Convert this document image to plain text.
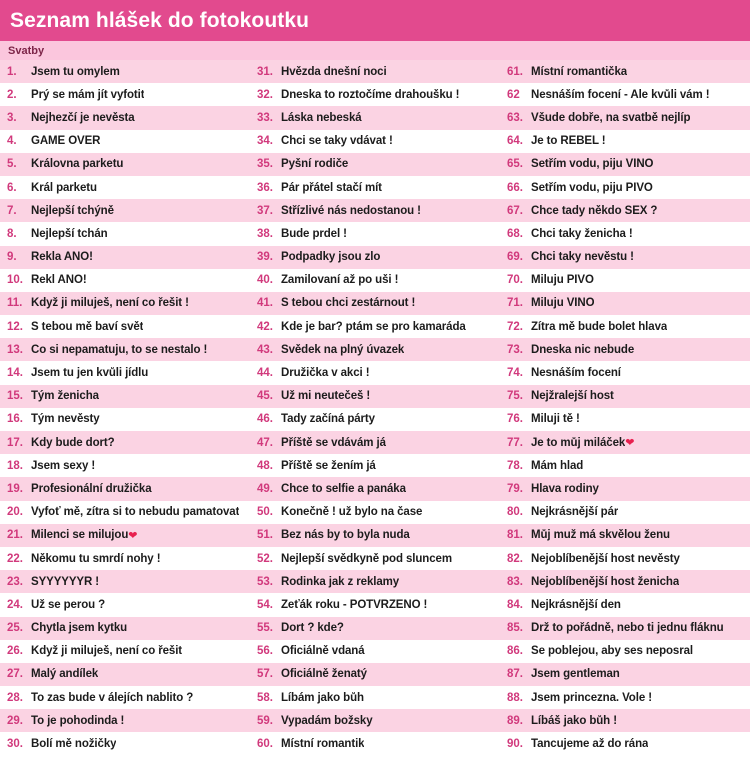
Seznam hlášek do fotokoutku
Svatby
1.	Jsem tu omylem
2.	Prý se mám jít vyfotit
3.	Nejhezčí je nevěsta
4.	GAME OVER
5.	Královna parketu
6.	Král parketu
7.	Nejlepší tchýně
8.	Nejlepší tchán
9.	Řekla ANO!
10. Řekl ANO!
11. Když ji miluješ, není co řešit !
12. S tebou mě baví svět
13. Co si nepamatuju, to se nestalo !
14. Jsem tu jen kvůli jídlu
15. Tým ženicha
16. Tým nevěsty
17. Kdy bude dort?
18. Jsem sexy !
19. Profesionální družička
20. Vyfoť mě, zítra si to nebudu pamatovat
21. Milenci se milujou ❤
22. Někomu tu smrdí nohy !
23. SÝÝÝÝÝÝR !
24. Už se perou ?
25. Chytla jsem kytku
26. Když ji miluješ, není co řešit
27. Malý andílek
28. To zas bude v álejích nablito ?
29. To je pohodinda !
30. Bolí mě nožičky
31. Hvězda dnešní noci
32. Dneska to roztočíme drahoušku !
33. Láska nebeská
34. Chci se taky vdávat !
35. Pyšní rodiče
36. Pár přátel stačí mít
37. Střízlivé nás nedostanou !
38. Bude prdel !
39. Podpadky jsou zlo
40. Zamilovaní až po uši !
41. S tebou chci zestárnout !
42. Kde je bar? ptám se pro kamaráda
43. Svědek na plný úvazek
44. Družička v akci !
45. Už mi neutečeš !
46. Tady začíná párty
47. Příště se vdávám já
48. Příště se žením já
49. Chce to selfie a panáka
50. Konečně ! už bylo na čase
51. Bez nás by to byla nuda
52. Nejlepší svědkyně pod sluncem
53. Rodinka jak z reklamy
54. Zeťák roku - POTVRZENO !
55. Dort ? kde?
56. Oficiálně vdaná
57. Oficiálně ženatý
58. Líbám jako bůh
59. Vypadám božsky
60. Místní romantik
61. Místní romantička
62 Nesnáším focení - Ale kvůli vám !
63. Všude dobře, na svatbě nejlíp
64. Je to REBEL !
65. Šetřím vodu, piju VÍNO
66. Šetřím vodu, piju PIVO
67. Chce tady někdo SEX ?
68. Chci taky ženicha !
69. Chci taky nevěstu !
70. Miluju PIVO
71. Miluju VÍNO
72. Zítra mě bude bolet hlava
73. Dneska nic nebude
74. Nesnáším focení
75. Nejžralejší host
76. Miluji tě !
77. Je to můj miláček ❤
78. Mám hlad
79. Hlava rodiny
80. Nejkrásnější pár
81. Můj muž má skvělou ženu
82. Nejoblíbenější host nevěsty
83. Nejoblíbenější host ženicha
84. Nejkrásnější den
85. Drž to pořádně, nebo ti jednu fláknu
86. Se poblejou, aby ses neposral
87. Jsem gentleman
88. Jsem princezna. Vole !
89. Líbáš jako bůh !
90. Tancujeme až do rána
